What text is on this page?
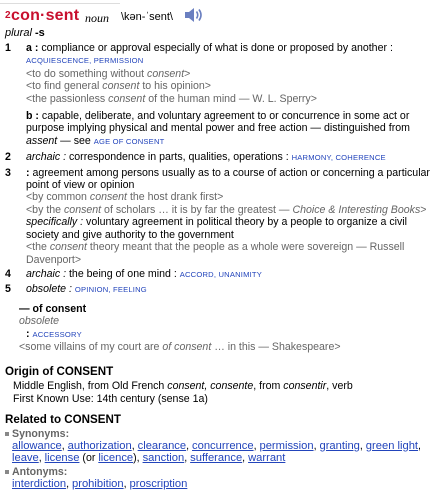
2 con·sent noun \kən-ˈsent\
plural -s
1	a : compliance or approval especially of what is done or proposed by another :
ACQUIESCENCE, PERMISSION
<to do something without consent>
<to find general consent to his opinion>
<the passionless consent of the human mind — W. L. Sperry>
b : capable, deliberate, and voluntary agreement to or concurrence in some act or purpose implying physical and mental power and free action — distinguished from assent — see AGE OF CONSENT
2	archaic : correspondence in parts, qualities, operations : HARMONY, COHERENCE
3	: agreement among persons usually as to a course of action or concerning a particular point of view or opinion
<by common consent the host drank first>
<by the consent of scholars … it is by far the greatest — Choice & Interesting Books>
specifically : voluntary agreement in political theory by a people to organize a civil society and give authority to the government
<the consent theory meant that the people as a whole were sovereign — Russell Davenport>
4	archaic : the being of one mind : ACCORD, UNANIMITY
5	obsolete : OPINION, FEELING
— of consent
obsolete
: ACCESSORY
<some villains of my court are of consent … in this — Shakespeare>
Origin of CONSENT
Middle English, from Old French consent, consente, from consentir, verb
First Known Use: 14th century (sense 1a)
Related to CONSENT
Synonyms:
allowance, authorization, clearance, concurrence, permission, granting, green light, leave, license (or licence), sanction, sufferance, warrant
Antonyms:
interdiction, prohibition, proscription
